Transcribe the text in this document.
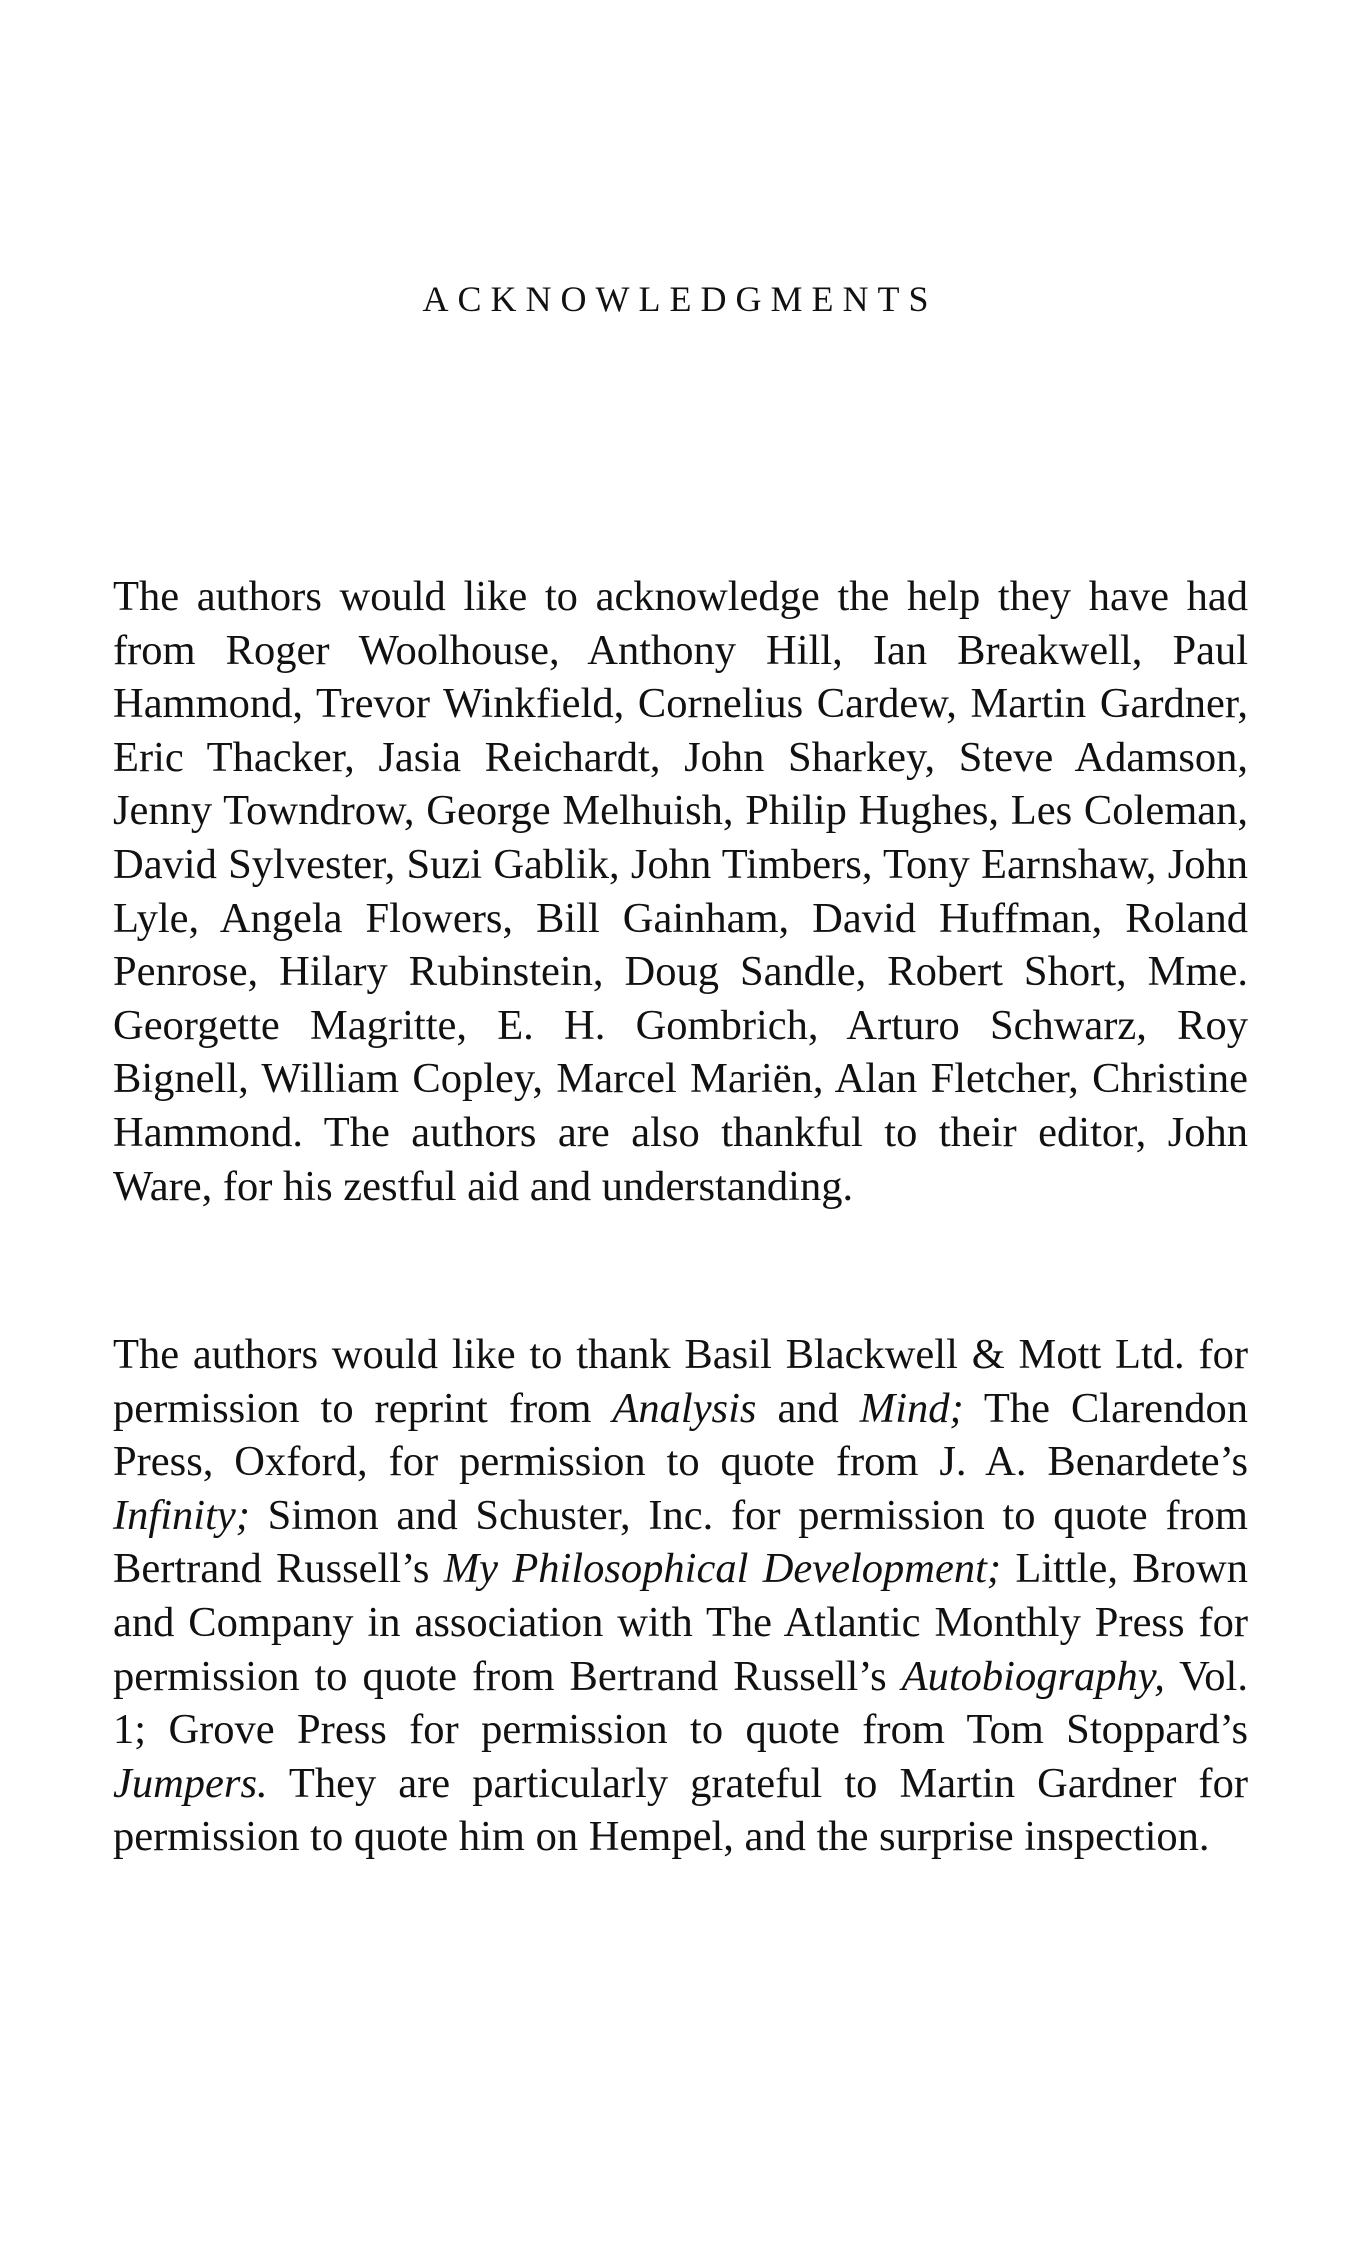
ACKNOWLEDGMENTS

The authors would like to acknowledge the help they have had from Roger Woolhouse, Anthony Hill, Ian Breakwell, Paul Hammond, Trevor Winkfield, Cornelius Cardew, Martin Gardner, Eric Thacker, Jasia Reichardt, John Sharkey, Steve Adamson, Jenny Towndrow, George Melhuish, Philip Hughes, Les Coleman, David Sylvester, Suzi Gablik, John Timbers, Tony Earnshaw, John Lyle, Angela Flowers, Bill Gainham, David Huffman, Roland Penrose, Hilary Rubinstein, Doug Sandle, Robert Short, Mme. Georgette Magritte, E. H. Gombrich, Arturo Schwarz, Roy Bignell, William Copley, Marcel Mariën, Alan Fletcher, Christine Hammond. The authors are also thankful to their editor, John Ware, for his zestful aid and understanding.

The authors would like to thank Basil Blackwell & Mott Ltd. for permission to reprint from Analysis and Mind; The Clarendon Press, Oxford, for permission to quote from J. A. Benardete’s Infinity; Simon and Schuster, Inc. for permission to quote from Bertrand Russell’s My Philosophical Development; Little, Brown and Company in association with The Atlantic Monthly Press for permission to quote from Bertrand Russell’s Autobiography, Vol. 1; Grove Press for permission to quote from Tom Stoppard’s Jumpers. They are particularly grateful to Martin Gardner for permission to quote him on Hempel, and the surprise inspection.
